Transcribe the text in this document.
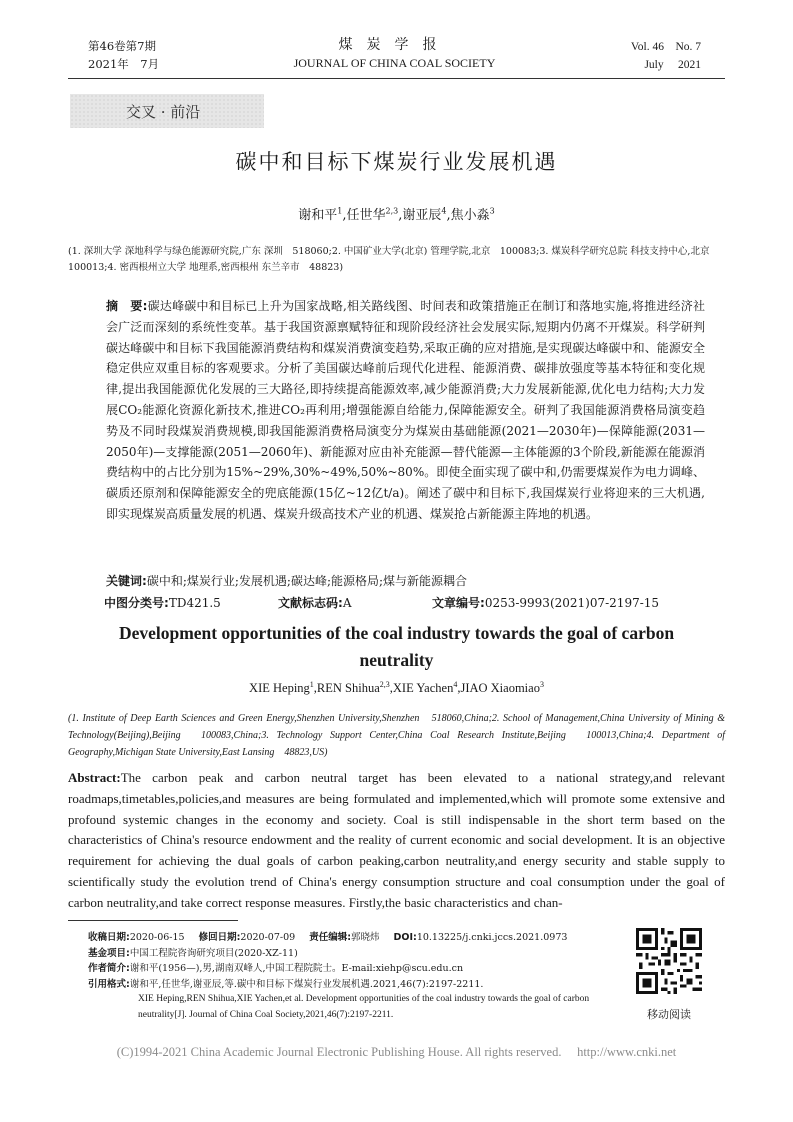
第46卷第7期
2021年　7月
煤炭学报
JOURNAL OF CHINA COAL SOCIETY
Vol. 46　No. 7
July　 2021
交叉 · 前沿
碳中和目标下煤炭行业发展机遇
谢和平$^1$,任世华$^{2,3}$,谢亚辰$^4$,焦小淼$^3$
(1. 深圳大学 深地科学与绿色能源研究院,广东 深圳　518060;2. 中国矿业大学(北京) 管理学院,北京　100083;3. 煤炭科学研究总院 科技支持中心,北京　100013;4. 密西根州立大学 地理系,密西根州 东兰辛市　48823)
摘　要:碳达峰碳中和目标已上升为国家战略,相关路线图、时间表和政策措施正在制订和落地实施,将推进经济社会广泛而深刻的系统性变革。基于我国资源禀赋特征和现阶段经济社会发展实际,短期内仍离不开煤炭。科学研判碳达峰碳中和目标下我国能源消费结构和煤炭消费演变趋势,采取正确的应对措施,是实现碳达峰碳中和、能源安全稳定供应双重目标的客观要求。分析了美国碳达峰前后现代化进程、能源消费、碳排放强度等基本特征和变化规律,提出我国能源优化发展的三大路径,即持续提高能源效率,减少能源消费;大力发展新能源,优化电力结构;大力发展CO₂能源化资源化新技术,推进CO₂再利用;增强能源自给能力,保障能源安全。研判了我国能源消费格局演变趋势及不同时段煤炭消费规模,即我国能源消费格局演变分为煤炭由基础能源(2021—2030年)—保障能源(2031—2050年)—支撑能源(2051—2060年)、新能源对应由补充能源—替代能源—主体能源的3个阶段,新能源在能源消费结构中的占比分别为15%~29%,30%~49%,50%~80%。即使全面实现了碳中和,仍需要煤炭作为电力调峰、碳质还原剂和保障能源安全的兜底能源(15亿~12亿t/a)。阐述了碳中和目标下,我国煤炭行业将迎来的三大机遇,即实现煤炭高质量发展的机遇、煤炭升级高技术产业的机遇、煤炭抢占新能源主阵地的机遇。
关键词:碳中和;煤炭行业;发展机遇;碳达峰;能源格局;煤与新能源耦合
中图分类号:TD421.5	文献标志码:A	文章编号:0253-9993(2021)07-2197-15
Development opportunities of the coal industry towards the goal of carbon neutrality
XIE Heping$^1$,REN Shihua$^{2,3}$,XIE Yachen$^4$,JIAO Xiaomiao$^3$
(1. Institute of Deep Earth Sciences and Green Energy,Shenzhen University,Shenzhen　518060,China;2. School of Management,China University of Mining & Technology(Beijing),Beijing　100083,China;3. Technology Support Center,China Coal Research Institute,Beijing　100013,China;4. Department of Geography,Michigan State University,East Lansing　48823,US)
Abstract:The carbon peak and carbon neutral target has been elevated to a national strategy,and relevant roadmaps,timetables,policies,and measures are being formulated and implemented,which will promote some extensive and profound systemic changes in the economy and society. Coal is still indispensable in the short term based on the characteristics of China's resource endowment and the reality of current economic and social development. It is an objective requirement for achieving the dual goals of carbon peaking,carbon neutrality,and energy security and stable supply to scientifically study the evolution trend of China's energy consumption structure and coal consumption under the goal of carbon neutrality,and take correct response measures. Firstly,the basic characteristics and chan-
收稿日期:2020-06-15 修回日期:2020-07-09 责任编辑:郭晓炜 DOI:10.13225/j.cnki.jccs.2021.0973
基金项目:中国工程院咨询研究项目(2020-XZ-11)
作者简介:谢和平(1956—),男,湖南双峰人,中国工程院院士。E-mail:xiehp@scu.edu.cn
引用格式:谢和平,任世华,谢亚辰,等.碳中和目标下煤炭行业发展机遇.2021,46(7):2197-2211.
XIE Heping,REN Shihua,XIE Yachen,et al. Development opportunities of the coal industry towards the goal of carbon neutrality[J]. Journal of China Coal Society,2021,46(7):2197-2211.	移动阅读
(C)1994-2021 China Academic Journal Electronic Publishing House. All rights reserved.　 http://www.cnki.net
